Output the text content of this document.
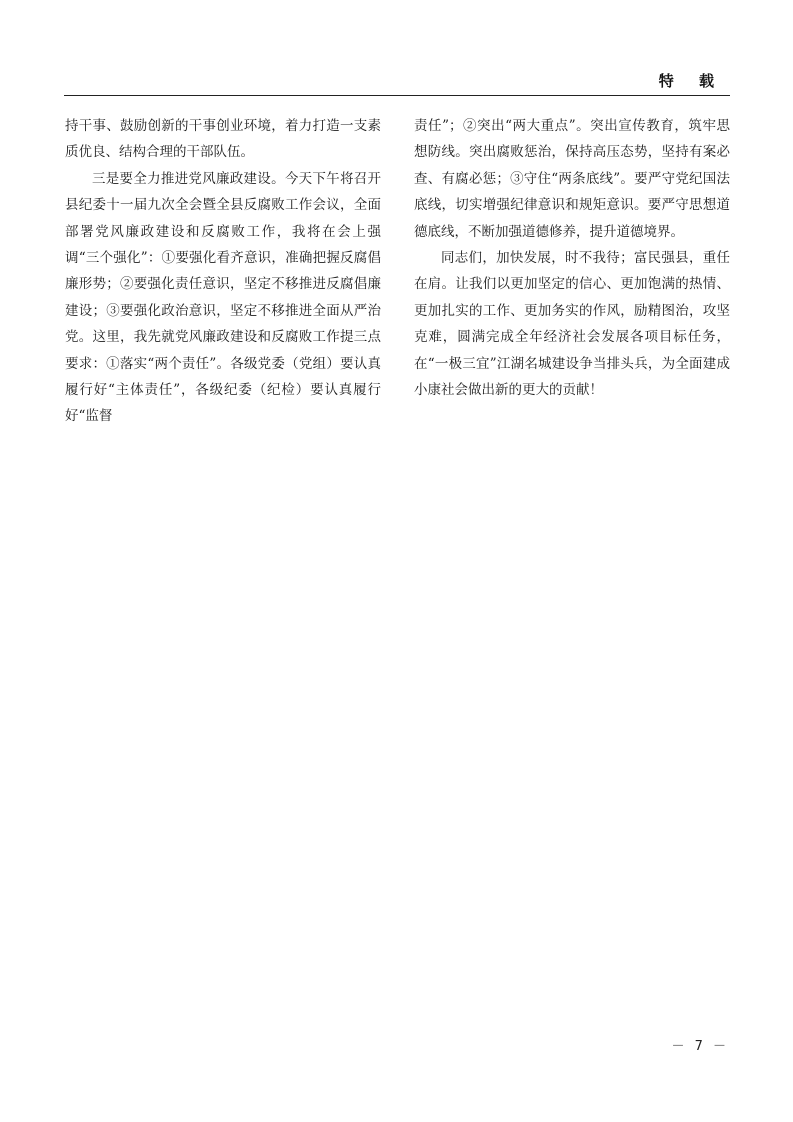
特 载

持干事、鼓励创新的干事创业环境，着力打造一支素质优良、结构合理的干部队伍。

三是要全力推进党风廉政建设。今天下午将召开县纪委十一届九次全会暨全县反腐败工作会议，全面部署党风廉政建设和反腐败工作，我将在会上强调“三个强化”：①要强化看齐意识，准确把握反腐倡廉形势；②要强化责任意识，坚定不移推进反腐倡廉建设；③要强化政治意识，坚定不移推进全面从严治党。这里，我先就党风廉政建设和反腐败工作提三点要求：①落实“两个责任”。各级党委（党组）要认真履行好“主体责任”，各级纪委（纪检）要认真履行好“监督

责任”；②突出“两大重点”。突出宣传教育，筑牢思想防线。突出腐败惩治，保持高压态势，坚持有案必查、有腐必惩；③守住“两条底线”。要严守党纪国法底线，切实增强纪律意识和规矩意识。要严守思想道德底线，不断加强道德修养，提升道德境界。

同志们，加快发展，时不我待；富民强县，重任在肩。让我们以更加坚定的信心、更加饱满的热情、更加扎实的工作、更加务实的作风，励精图治，攻坚克难，圆满完成全年经济社会发展各项目标任务，在“一极三宜”江湖名城建设争当排头兵，为全面建成小康社会做出新的更大的贡献！

－ 7 －
